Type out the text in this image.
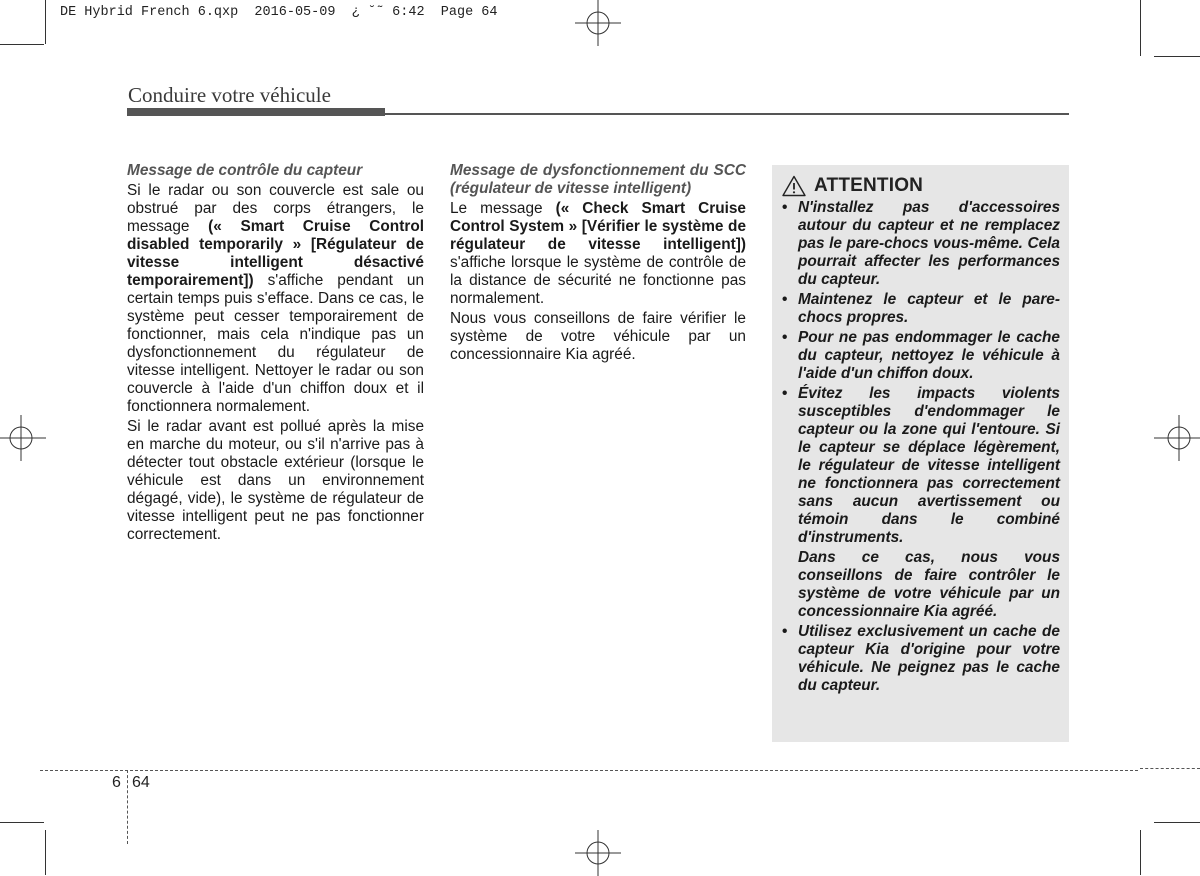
DE Hybrid French 6.qxp  2016-05-09  ¿ ˘˜ 6:42  Page 64
Conduire votre véhicule

Message de contrôle du capteur

Si le radar ou son couvercle est sale ou obstrué par des corps étrangers, le message (« Smart Cruise Control disabled temporarily » [Régulateur de vitesse intelligent désactivé temporairement]) s'affiche pendant un certain temps puis s'efface. Dans ce cas, le système peut cesser temporairement de fonctionner, mais cela n'indique pas un dysfonctionnement du régulateur de vitesse intelligent. Nettoyer le radar ou son couvercle à l'aide d'un chiffon doux et il fonctionnera normalement.

Si le radar avant est pollué après la mise en marche du moteur, ou s'il n'arrive pas à détecter tout obstacle extérieur (lorsque le véhicule est dans un environnement dégagé, vide), le système de régulateur de vitesse intelligent peut ne pas fonctionner correctement.

Message de dysfonctionnement du SCC (régulateur de vitesse intelligent)

Le message (« Check Smart Cruise Control System » [Vérifier le système de régulateur de vitesse intelligent]) s'affiche lorsque le système de contrôle de la distance de sécurité ne fonctionne pas normalement.

Nous vous conseillons de faire vérifier le système de votre véhicule par un concessionnaire Kia agréé.

ATTENTION
• N'installez pas d'accessoires autour du capteur et ne remplacez pas le pare-chocs vous-même. Cela pourrait affecter les performances du capteur.
• Maintenez le capteur et le pare-chocs propres.
• Pour ne pas endommager le cache du capteur, nettoyez le véhicule à l'aide d'un chiffon doux.

• Évitez les impacts violents susceptibles d'endommager le capteur ou la zone qui l'entoure. Si le capteur se déplace légèrement, le régulateur de vitesse intelligent ne fonctionnera pas correctement sans aucun avertissement ou témoin dans le combiné d'instruments.

Dans ce cas, nous vous conseillons de faire contrôler le système de votre véhicule par un concessionnaire Kia agréé.

• Utilisez exclusivement un cache de capteur Kia d'origine pour votre véhicule. Ne peignez pas le cache du capteur.
6 64
